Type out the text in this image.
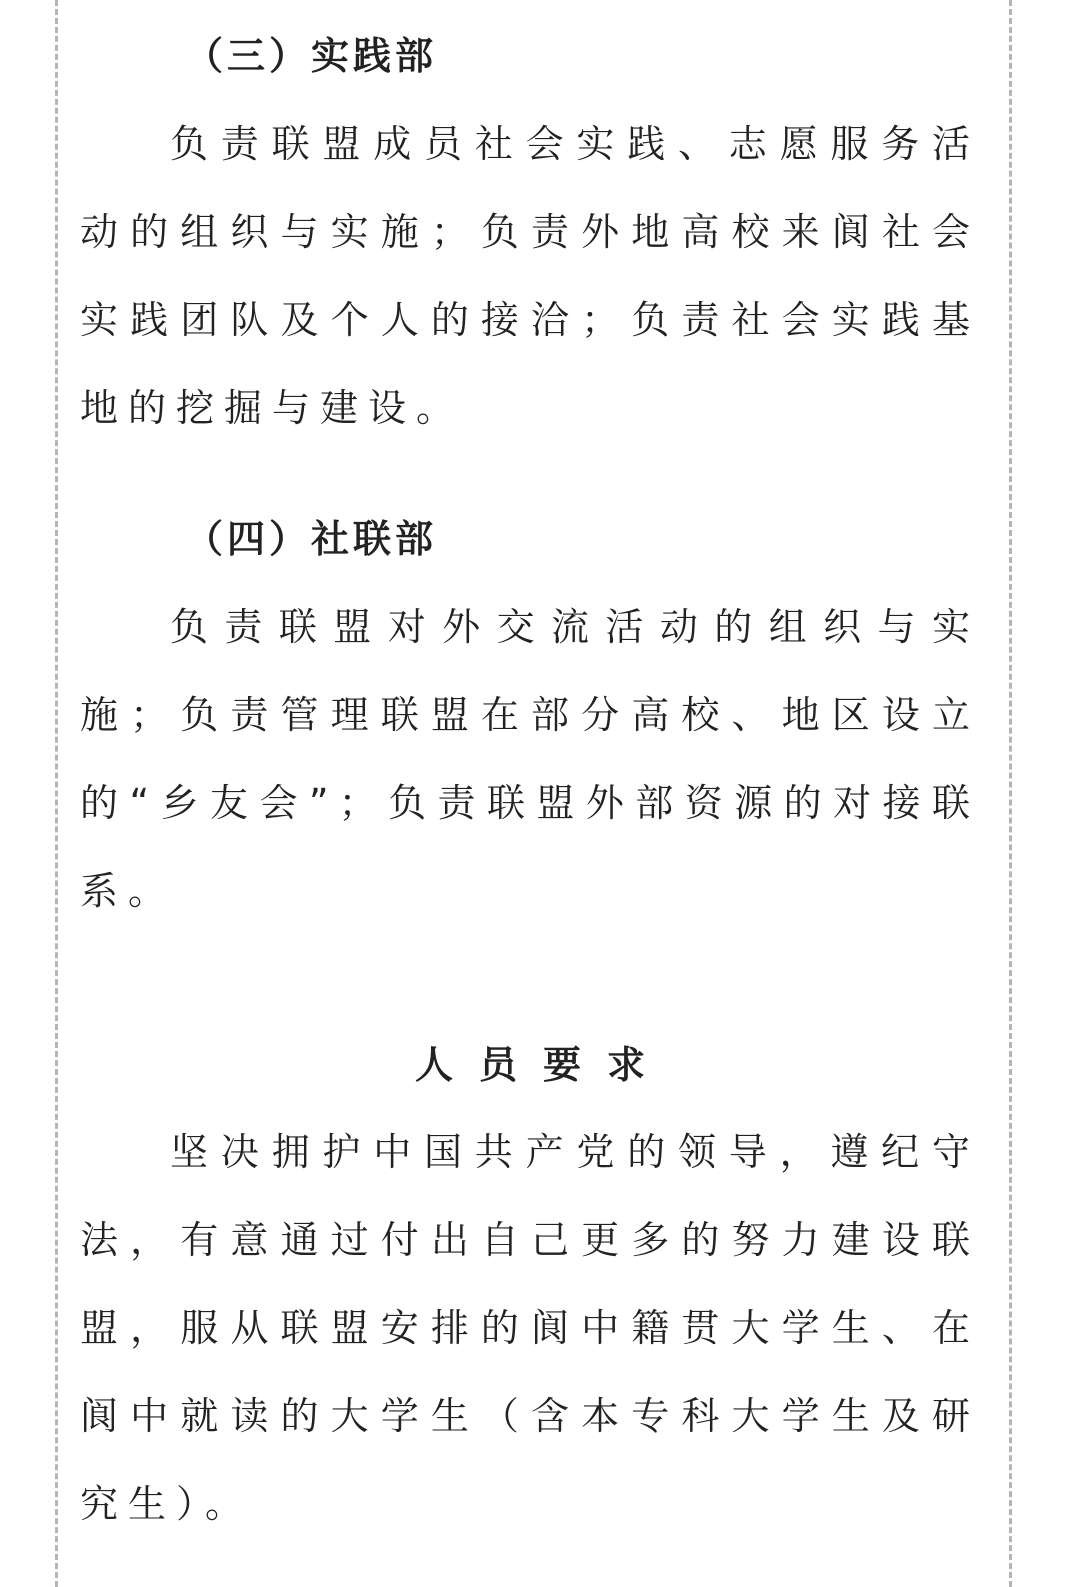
（三）实践部

负责联盟成员社会实践、志愿服务活动的组织与实施；负责外地高校来阆社会实践团队及个人的接洽；负责社会实践基地的挖掘与建设。

（四）社联部

负责联盟对外交流活动的组织与实施；负责管理联盟在部分高校、地区设立的“乡友会”；负责联盟外部资源的对接联系。

人员要求

坚决拥护中国共产党的领导，遵纪守法，有意通过付出自己更多的努力建设联盟，服从联盟安排的阆中籍贯大学生、在阆中就读的大学生（含本专科大学生及研究生）。
